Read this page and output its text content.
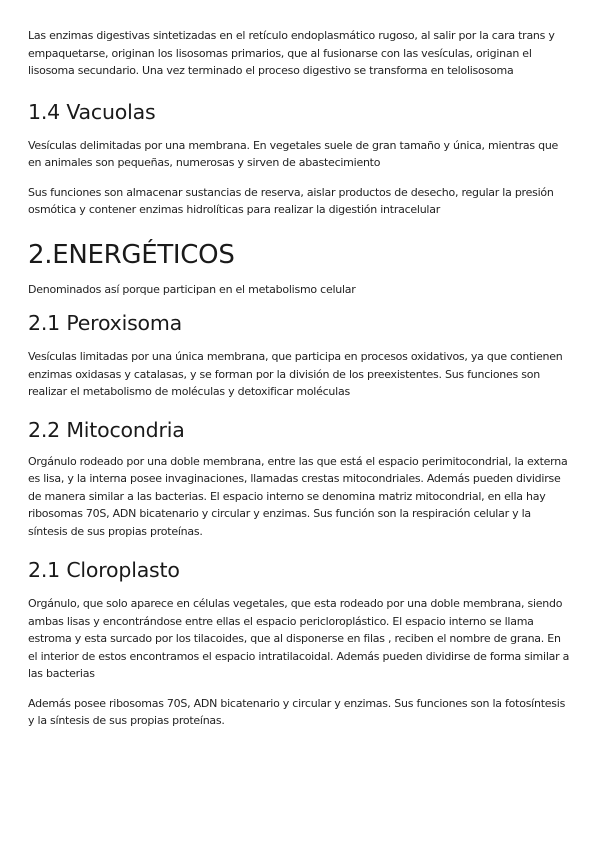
Las enzimas digestivas sintetizadas en el retículo endoplasmático rugoso, al salir por la cara trans y empaquetarse, originan los lisosomas primarios, que al fusionarse con las vesículas, originan el lisosoma secundario. Una vez terminado el proceso digestivo se transforma en telolisosoma

1.4 Vacuolas

Vesículas delimitadas por una membrana. En vegetales suele de gran tamaño y única, mientras que en animales son pequeñas, numerosas y sirven de abastecimiento

Sus funciones son almacenar sustancias de reserva, aislar productos de desecho, regular la presión osmótica y contener enzimas hidrolíticas para realizar la digestión intracelular

2.ENERGÉTICOS

Denominados así porque participan en el metabolismo celular

2.1 Peroxisoma

Vesículas limitadas por una única membrana, que participa en procesos oxidativos, ya que contienen enzimas oxidasas y catalasas, y se forman por la división de los preexistentes. Sus funciones son realizar el metabolismo de moléculas y detoxificar moléculas

2.2 Mitocondria

Orgánulo rodeado por una doble membrana, entre las que está el espacio perimitocondrial, la externa es lisa, y la interna posee invaginaciones, llamadas crestas mitocondriales. Además pueden dividirse de manera similar a las bacterias. El espacio interno se denomina matriz mitocondrial, en ella hay ribosomas 70S, ADN bicatenario y circular y enzimas. Sus función son la respiración celular y la síntesis de sus propias proteínas.

2.1 Cloroplasto

Orgánulo, que solo aparece en células vegetales, que esta rodeado por una doble membrana, siendo ambas lisas y encontrándose entre ellas el espacio pericloroplástico. El espacio interno se llama estroma y esta surcado por los tilacoides, que al disponerse en filas , reciben el nombre de grana. En el interior de estos encontramos el espacio intratilacoidal. Además pueden dividirse de forma similar a las bacterias

Además posee ribosomas 70S, ADN bicatenario y circular y enzimas. Sus funciones son la fotosíntesis y la síntesis de sus propias proteínas.
